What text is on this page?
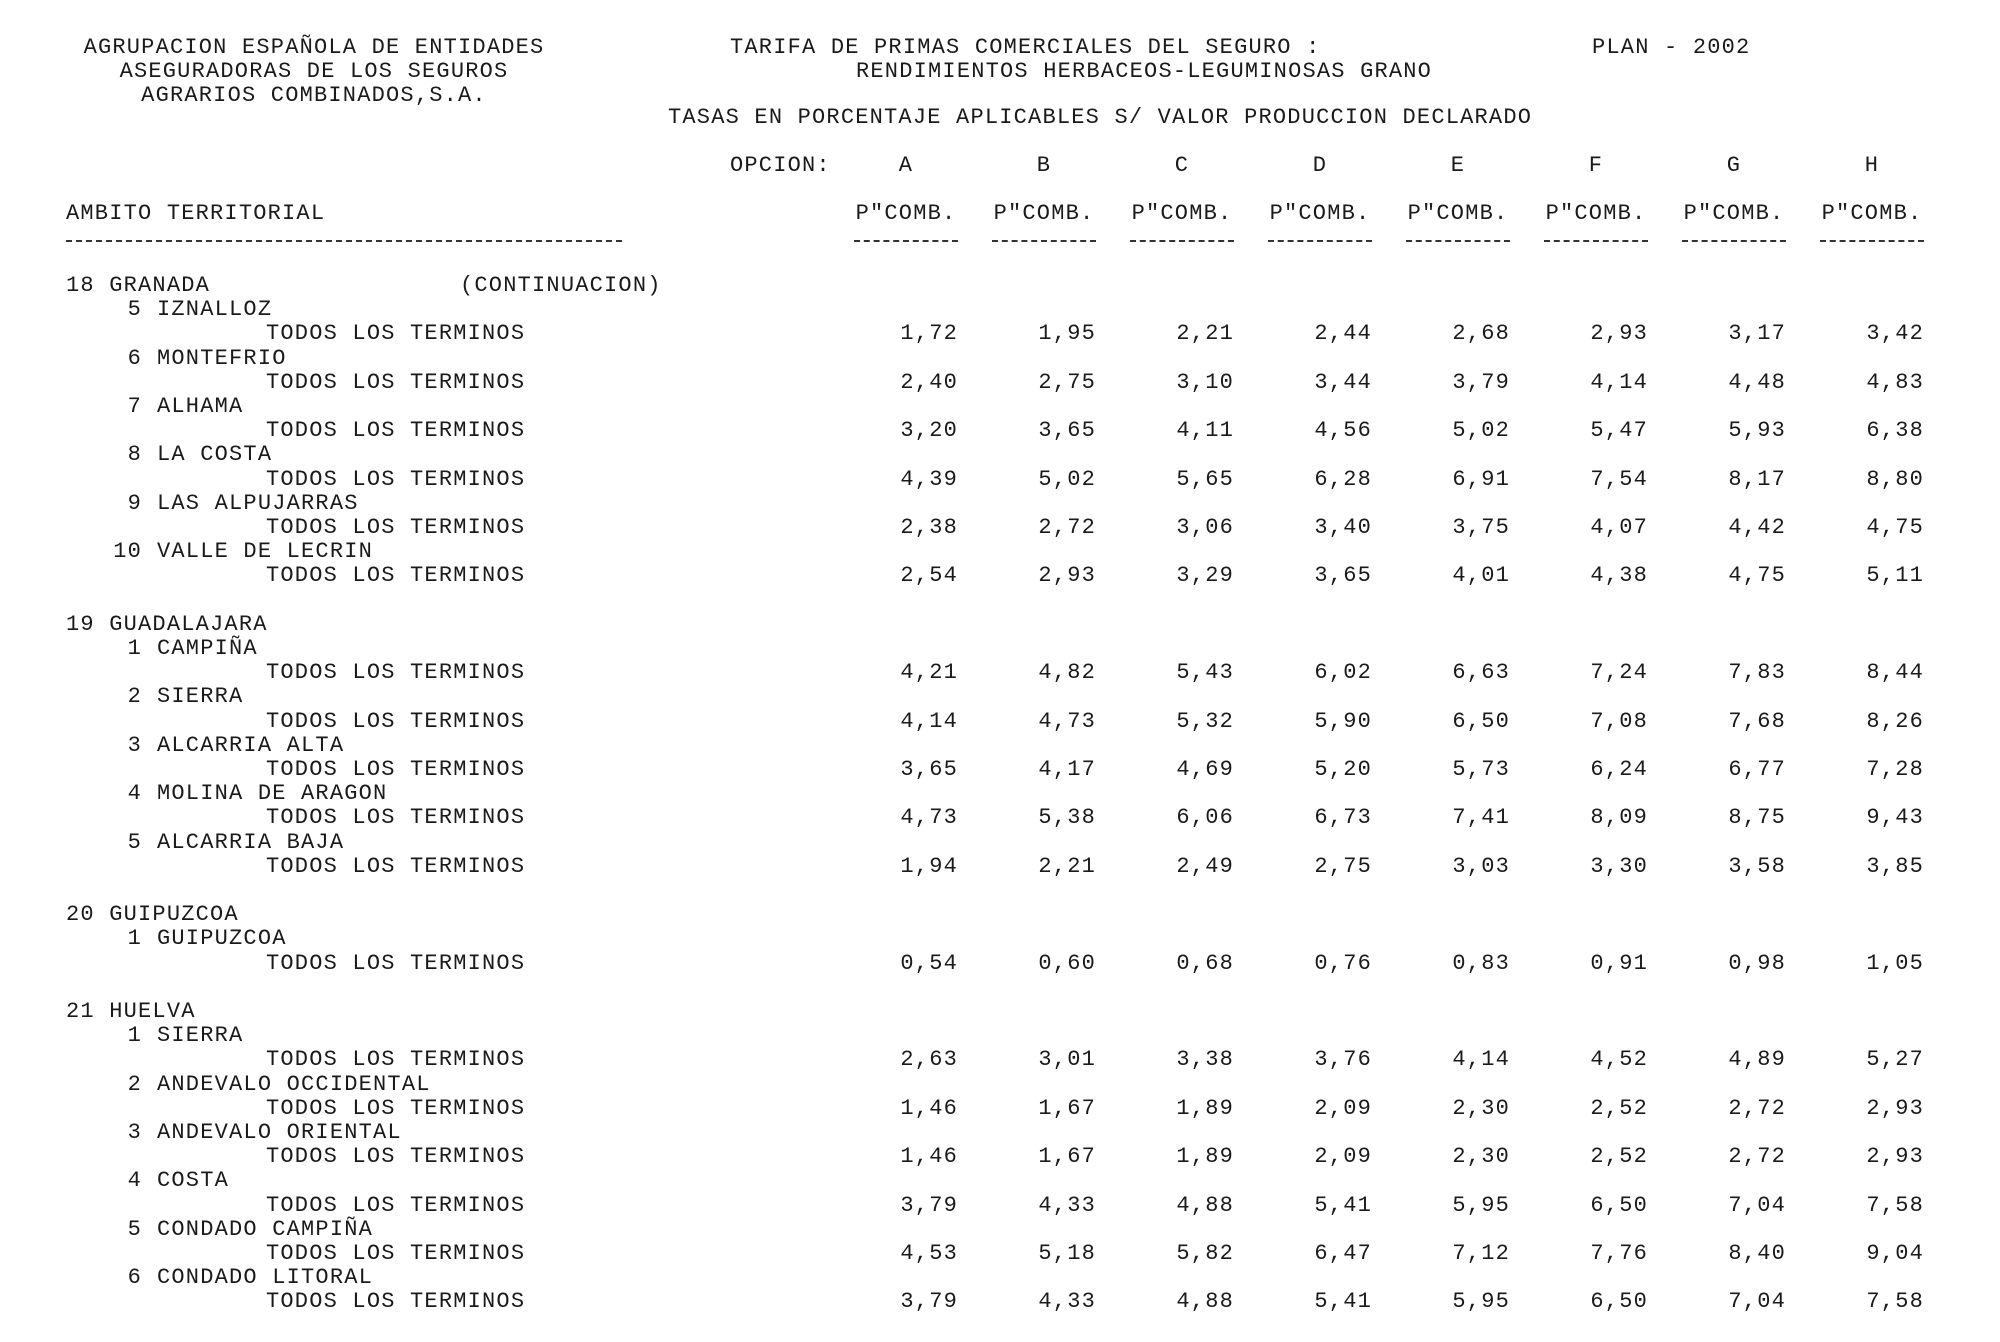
AGRUPACION ESPAÑOLA DE ENTIDADES
ASEGURADORAS DE LOS SEGUROS
AGRARIOS COMBINADOS,S.A.
TARIFA DE PRIMAS COMERCIALES DEL SEGURO :
RENDIMIENTOS HERBACEOS-LEGUMINOSAS GRANO
PLAN - 2002
TASAS EN PORCENTAJE APLICABLES S/ VALOR PRODUCCION DECLARADO
OPCION:	A	B	C	D	E	F	G	H
AMBITO TERRITORIAL	P"COMB. P"COMB. P"COMB. P"COMB. P"COMB. P"COMB. P"COMB. P"COMB.
18 GRANADA	(CONTINUACION)
5 IZNALLOZ
TODOS LOS TERMINOS	1,72	1,95	2,21	2,44	2,68	2,93	3,17	3,42
6 MONTEFRIO
TODOS LOS TERMINOS	2,40	2,75	3,10	3,44	3,79	4,14	4,48	4,83
7 ALHAMA
TODOS LOS TERMINOS	3,20	3,65	4,11	4,56	5,02	5,47	5,93	6,38
8 LA COSTA
TODOS LOS TERMINOS	4,39	5,02	5,65	6,28	6,91	7,54	8,17	8,80
9 LAS ALPUJARRAS
TODOS LOS TERMINOS	2,38	2,72	3,06	3,40	3,75	4,07	4,42	4,75
10 VALLE DE LECRIN
TODOS LOS TERMINOS	2,54	2,93	3,29	3,65	4,01	4,38	4,75	5,11
19 GUADALAJARA
1 CAMPIÑA
TODOS LOS TERMINOS	4,21	4,82	5,43	6,02	6,63	7,24	7,83	8,44
2 SIERRA
TODOS LOS TERMINOS	4,14	4,73	5,32	5,90	6,50	7,08	7,68	8,26
3 ALCARRIA ALTA
TODOS LOS TERMINOS	3,65	4,17	4,69	5,20	5,73	6,24	6,77	7,28
4 MOLINA DE ARAGON
TODOS LOS TERMINOS	4,73	5,38	6,06	6,73	7,41	8,09	8,75	9,43
5 ALCARRIA BAJA
TODOS LOS TERMINOS	1,94	2,21	2,49	2,75	3,03	3,30	3,58	3,85
20 GUIPUZCOA
1 GUIPUZCOA
TODOS LOS TERMINOS	0,54	0,60	0,68	0,76	0,83	0,91	0,98	1,05
21 HUELVA
1 SIERRA
TODOS LOS TERMINOS	2,63	3,01	3,38	3,76	4,14	4,52	4,89	5,27
2 ANDEVALO OCCIDENTAL
TODOS LOS TERMINOS	1,46	1,67	1,89	2,09	2,30	2,52	2,72	2,93
3 ANDEVALO ORIENTAL
TODOS LOS TERMINOS	1,46	1,67	1,89	2,09	2,30	2,52	2,72	2,93
4 COSTA
TODOS LOS TERMINOS	3,79	4,33	4,88	5,41	5,95	6,50	7,04	7,58
5 CONDADO CAMPIÑA
TODOS LOS TERMINOS	4,53	5,18	5,82	6,47	7,12	7,76	8,40	9,04
6 CONDADO LITORAL
TODOS LOS TERMINOS	3,79	4,33	4,88	5,41	5,95	6,50	7,04	7,58
